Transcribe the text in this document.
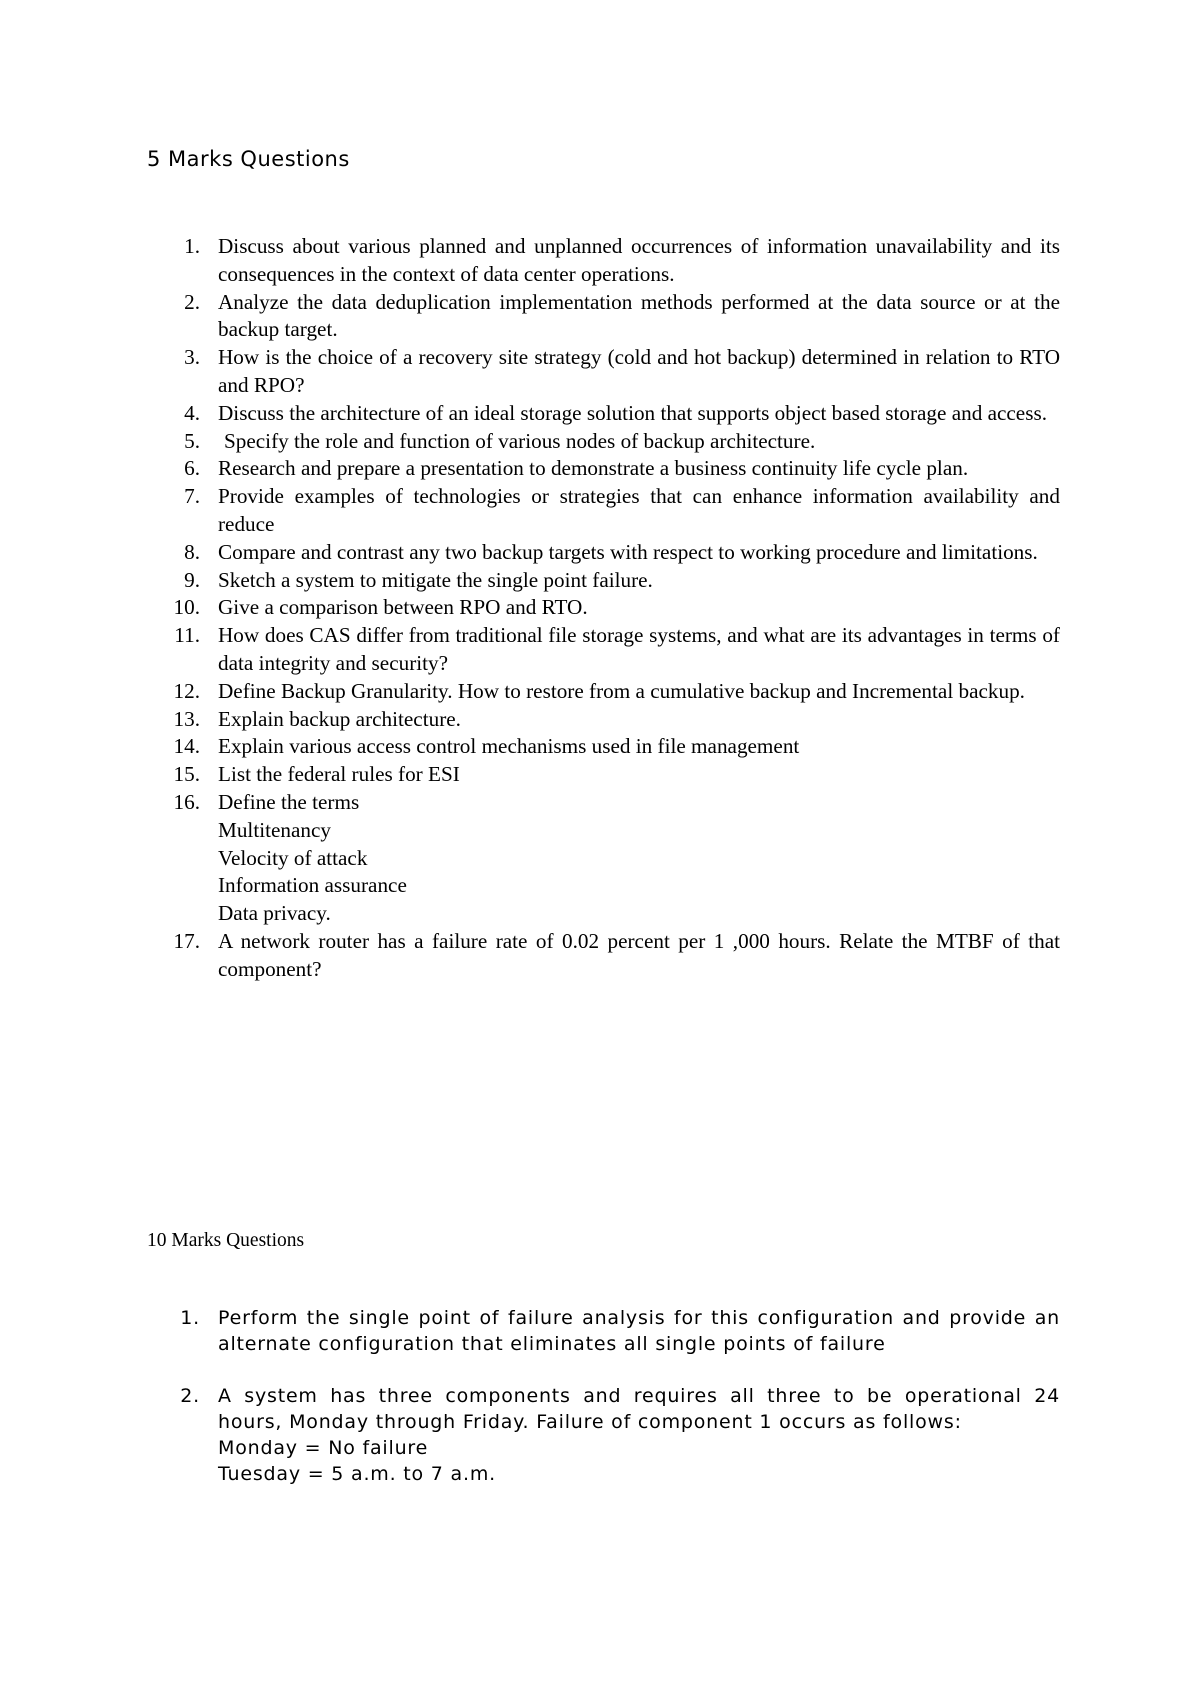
5 Marks Questions
1. Discuss about various planned and unplanned occurrences of information unavailability and its consequences in the context of data center operations.
2. Analyze the data deduplication implementation methods performed at the data source or at the backup target.
3. How is the choice of a recovery site strategy (cold and hot backup) determined in relation to RTO and RPO?
4. Discuss the architecture of an ideal storage solution that supports object based storage and access.
5. Specify the role and function of various nodes of backup architecture.
6. Research and prepare a presentation to demonstrate a business continuity life cycle plan.
7. Provide examples of technologies or strategies that can enhance information availability and reduce
8. Compare and contrast any two backup targets with respect to working procedure and limitations.
9. Sketch a system to mitigate the single point failure.
10. Give a comparison between RPO and RTO.
11. How does CAS differ from traditional file storage systems, and what are its advantages in terms of data integrity and security?
12. Define Backup Granularity. How to restore from a cumulative backup and Incremental backup.
13. Explain backup architecture.
14. Explain various access control mechanisms used in file management
15. List the federal rules for ESI
16. Define the terms
Multitenancy
Velocity of attack
Information assurance
Data privacy.
17. A network router has a failure rate of 0.02 percent per 1 ,000 hours. Relate the MTBF of that component?
10 Marks Questions
1. Perform the single point of failure analysis for this configuration and provide an alternate configuration that eliminates all single points of failure
2. A system has three components and requires all three to be operational 24 hours, Monday through Friday. Failure of component 1 occurs as follows:
Monday = No failure
Tuesday = 5 a.m. to 7 a.m.
